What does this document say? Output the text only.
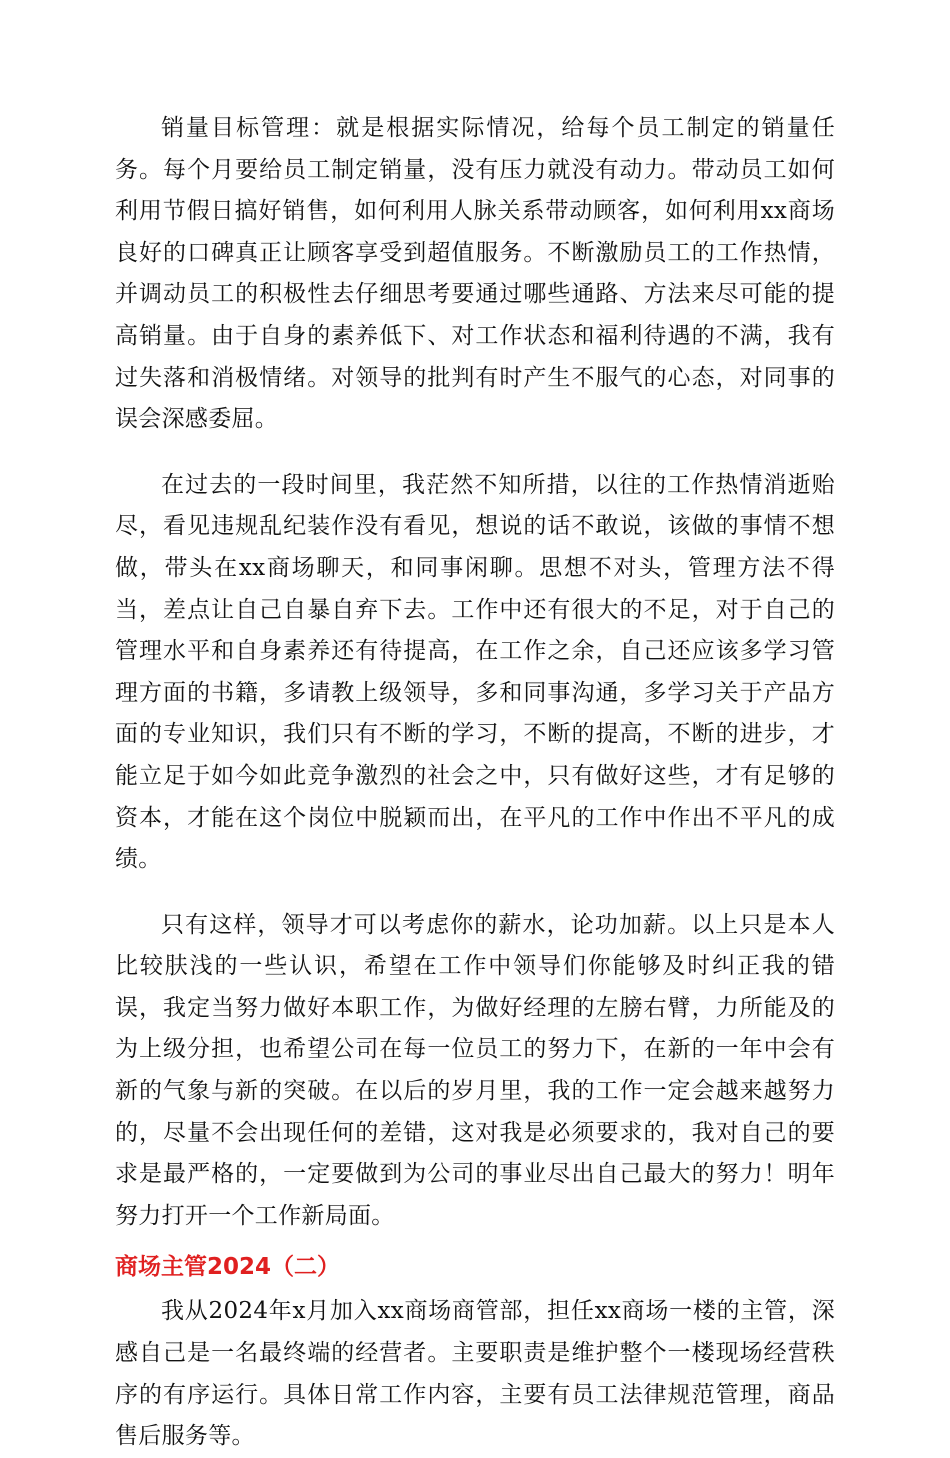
销量目标管理：就是根据实际情况，给每个员工制定的销量任务。每个月要给员工制定销量，没有压力就没有动力。带动员工如何利用节假日搞好销售，如何利用人脉关系带动顾客，如何利用xx商场良好的口碑真正让顾客享受到超值服务。不断激励员工的工作热情，并调动员工的积极性去仔细思考要通过哪些通路、方法来尽可能的提高销量。由于自身的素养低下、对工作状态和福利待遇的不满，我有过失落和消极情绪。对领导的批判有时产生不服气的心态，对同事的误会深感委屈。

在过去的一段时间里，我茫然不知所措，以往的工作热情消逝贻尽，看见违规乱纪装作没有看见，想说的话不敢说，该做的事情不想做，带头在xx商场聊天，和同事闲聊。思想不对头，管理方法不得当，差点让自己自暴自弃下去。工作中还有很大的不足，对于自己的管理水平和自身素养还有待提高，在工作之余，自己还应该多学习管理方面的书籍，多请教上级领导，多和同事沟通，多学习关于产品方面的专业知识，我们只有不断的学习，不断的提高，不断的进步，才能立足于如今如此竞争激烈的社会之中，只有做好这些，才有足够的资本，才能在这个岗位中脱颖而出，在平凡的工作中作出不平凡的成绩。

只有这样，领导才可以考虑你的薪水，论功加薪。以上只是本人比较肤浅的一些认识，希望在工作中领导们你能够及时纠正我的错误，我定当努力做好本职工作，为做好经理的左膀右臂，力所能及的为上级分担，也希望公司在每一位员工的努力下，在新的一年中会有新的气象与新的突破。在以后的岁月里，我的工作一定会越来越努力的，尽量不会出现任何的差错，这对我是必须要求的，我对自己的要求是最严格的，一定要做到为公司的事业尽出自己最大的努力！明年努力打开一个工作新局面。

商场主管2024（二）

我从2024年x月加入xx商场商管部，担任xx商场一楼的主管，深感自己是一名最终端的经营者。主要职责是维护整个一楼现场经营秩序的有序运行。具体日常工作内容，主要有员工法律规范管理，商品售后服务等。
